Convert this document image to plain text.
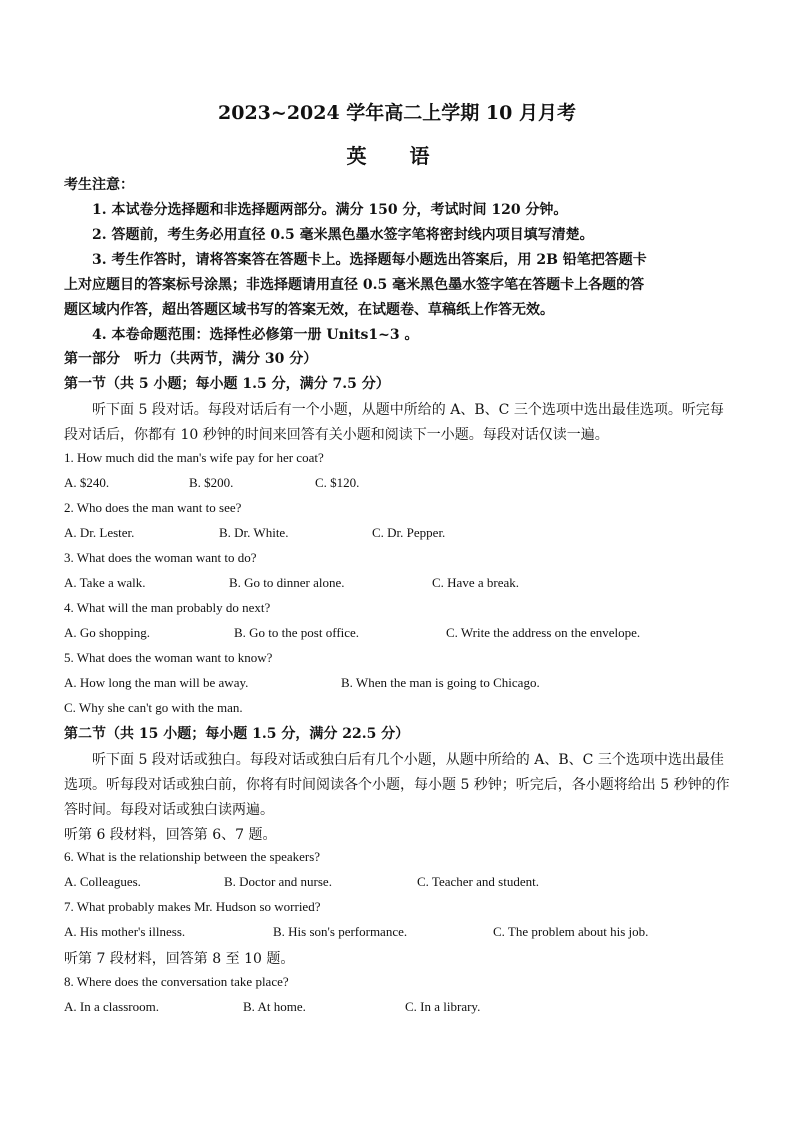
2023~2024 学年高二上学期 10 月月考
英 语
考生注意：
1. 本试卷分选择题和非选择题两部分。满分 150 分，考试时间 120 分钟。
2. 答题前，考生务必用直径 0.5 毫米黑色墨水签字笔将密封线内项目填写清楚。
3. 考生作答时，请将答案答在答题卡上。选择题每小题选出答案后，用 2B 铅笔把答题卡
上对应题目的答案标号涂黑；非选择题请用直径 0.5 毫米黑色墨水签字笔在答题卡上各题的答
题区域内作答，超出答题区域书写的答案无效，在试题卷、草稿纸上作答无效。
4. 本卷命题范围：选择性必修第一册 Units1~3 。
第一部分　听力（共两节，满分 30 分）
第一节（共 5 小题；每小题 1.5 分，满分 7.5 分）
听下面 5 段对话。每段对话后有一个小题，从题中所给的 A、B、C 三个选项中选出最佳选项。听完每
段对话后，你都有 10 秒钟的时间来回答有关小题和阅读下一小题。每段对话仅读一遍。
1. How much did the man's wife pay for her coat?
A. $240.	B. $200.	C. $120.
2. Who does the man want to see?
A. Dr. Lester.	B. Dr. White.	C. Dr. Pepper.
3. What does the woman want to do?
A. Take a walk.	B. Go to dinner alone.	C. Have a break.
4. What will the man probably do next?
A. Go shopping.	B. Go to the post office.	C. Write the address on the envelope.
5. What does the woman want to know?
A. How long the man will be away.	B. When the man is going to Chicago.
C. Why she can't go with the man.
第二节（共 15 小题；每小题 1.5 分，满分 22.5 分）
听下面 5 段对话或独白。每段对话或独白后有几个小题，从题中所给的 A、B、C 三个选项中选出最佳
选项。听每段对话或独白前，你将有时间阅读各个小题，每小题 5 秒钟；听完后，各小题将给出 5 秒钟的作
答时间。每段对话或独白读两遍。
听第 6 段材料，回答第 6、7 题。
6. What is the relationship between the speakers?
A. Colleagues.	B. Doctor and nurse.	C. Teacher and student.
7. What probably makes Mr. Hudson so worried?
A. His mother's illness.	B. His son's performance.	C. The problem about his job.
听第 7 段材料，回答第 8 至 10 题。
8. Where does the conversation take place?
A. In a classroom.	B. At home.	C. In a library.
